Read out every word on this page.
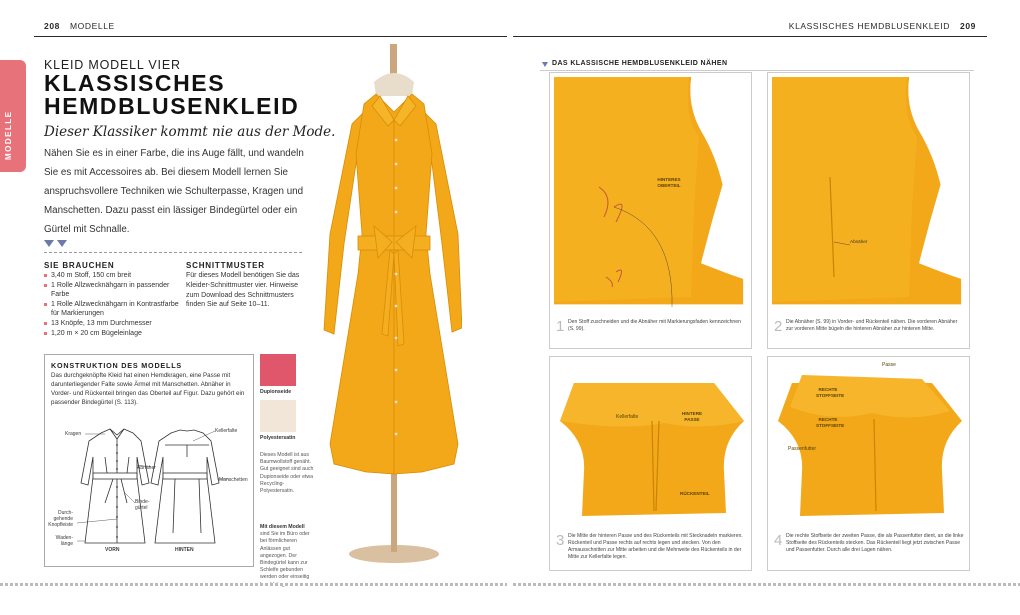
208 MODELLE
MODELLE
KLEID MODELL VIER
KLASSISCHES
HEMDBLUSENKLEID
Dieser Klassiker kommt nie aus der Mode.
Nähen Sie es in einer Farbe, die ins Auge fällt, und wandeln Sie es mit Accessoires ab. Bei diesem Modell lernen Sie anspruchsvollere Techniken wie Schulterpasse, Kragen und Manschetten. Dazu passt ein lässiger Bindegürtel oder ein Gürtel mit Schnalle.
SIE BRAUCHEN
3,40 m Stoff, 150 cm breit
1 Rolle Allzwecknähgarn in passender Farbe
1 Rolle Allzwecknähgarn in Kontrastfarbe für Markierungen
13 Knöpfe, 13 mm Durchmesser
1,20 m × 20 cm Bügeleinlage
SCHNITTMUSTER
Für dieses Modell benötigen Sie das Kleider-Schnittmuster vier. Hinweise zum Download des Schnittmusters finden Sie auf Seite 10–11.
KONSTRUKTION DES MODELLS
Das durchgeknöpfte Kleid hat einen Hemdkragen, eine Passe mit darunterliegender Falte sowie Ärmel mit Manschetten. Abnäher in Vorder- und Rückenteil bringen das Oberteil auf Figur. Dazu gehört ein passender Bindegürtel (S. 113).
Kragen
Abnäher
Binde-
gürtel
Durch-
gehende
Knopfleiste
Waden-
länge
Kellerfalte
Manschetten
VORN	HINTEN
Dupionseide
Polyestersatin
Dieses Modell ist aus Baumwollstoff genäht. Gut geeignet sind auch Dupionseide oder etwa Recycling-Polyestersatin.
Mit diesem Modell sind Sie im Büro oder bei förmlicheren Anlässen gut angezogen. Der Bindegürtel kann zur Schleife gebunden werden oder einseitig
KLASSISCHES HEMDBLUSENKLEID 209
DAS KLASSISCHE HEMDBLUSENKLEID NÄHEN
HINTERES OBERTEIL
1 Den Stoff zuschneiden und die Abnäher mit Markierungsfaden kennzeichnen (S. 99).
Abnäher
2 Die Abnäher (S. 99) in Vorder- und Rückenteil nähen. Die vorderen Abnäher zur vorderen Mitte bügeln die hinteren Abnäher zur hinteren Mitte.
Kellerfalte
HINTERE PASSE
RÜCKENTEIL
3 Die Mitte der hinteren Passe und des Rückenteils mit Stecknadeln markieren. Rückenteil und Passe rechts auf rechts legen und stecken. Von den Armausschnitten zur Mitte arbeiten und die Mehrweite des Rückenteils in der Mitte zur Kellerfalte legen.
Passe
RECHTE STOFFSEITE
RECHTE STOFFSEITE
Passenfutter
4 Die rechte Stoffseite der zweiten Passe, die als Passenfutter dient, an die linke Stoffseite des Rückenteils stecken. Das Rückenteil liegt jetzt zwischen Passe und Passenfutter. Durch alle drei Lagen nähen.
